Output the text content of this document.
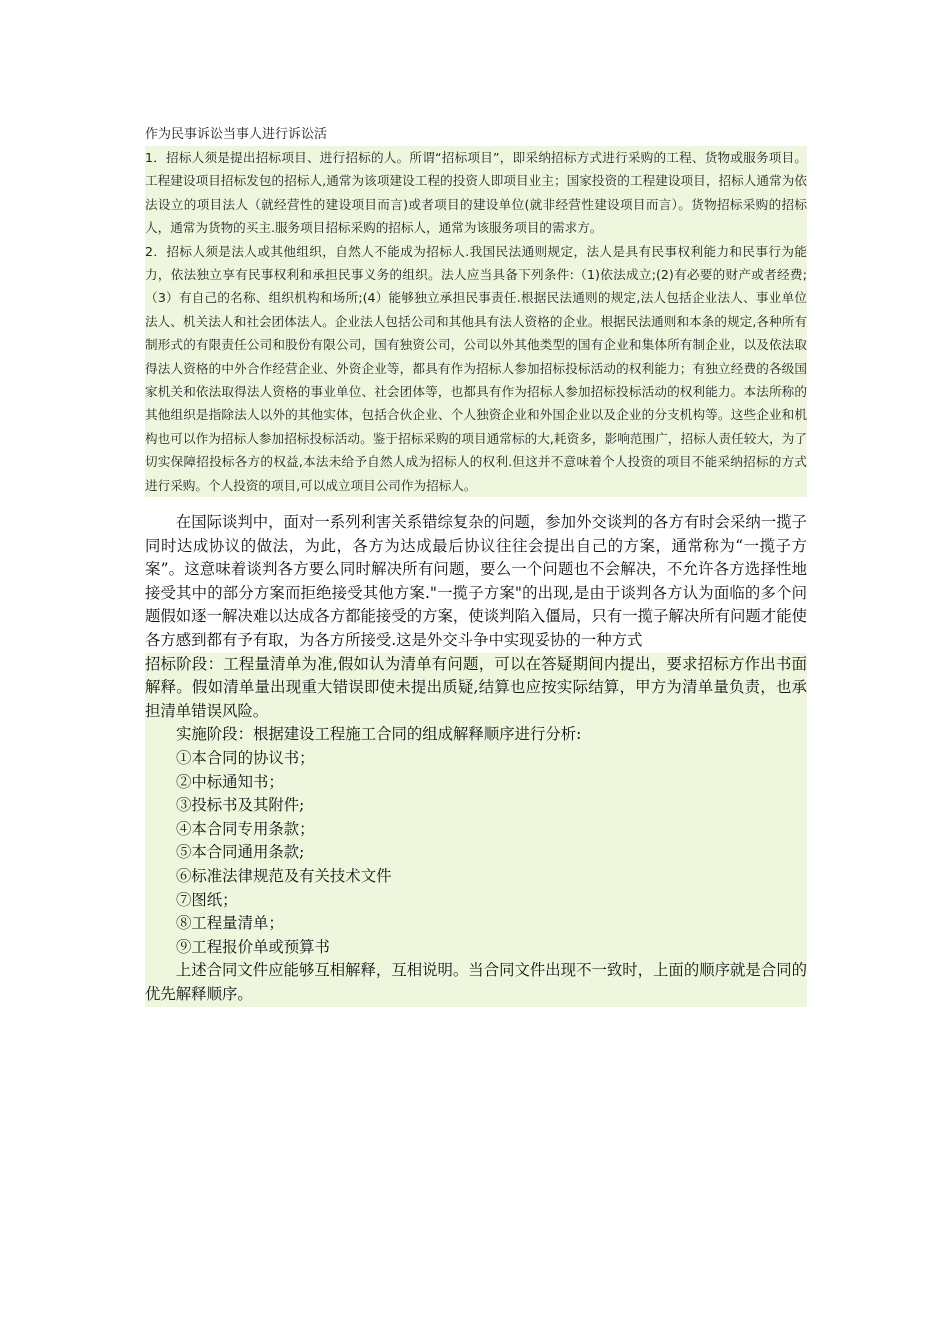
作为民事诉讼当事人进行诉讼活

1．招标人须是提出招标项目、进行招标的人。所谓“招标项目”，即采纳招标方式进行采购的工程、货物或服务项目。工程建设项目招标发包的招标人,通常为该项建设工程的投资人即项目业主；国家投资的工程建设项目，招标人通常为依法设立的项目法人（就经营性的建设项目而言)或者项目的建设单位(就非经营性建设项目而言）。货物招标采购的招标人，通常为货物的买主.服务项目招标采购的招标人，通常为该服务项目的需求方。

2．招标人须是法人或其他组织，自然人不能成为招标人.我国民法通则规定，法人是具有民事权利能力和民事行为能力，依法独立享有民事权利和承担民事义务的组织。法人应当具备下列条件:（1)依法成立;(2)有必要的财产或者经费;（3）有自己的名称、组织机构和场所;(4）能够独立承担民事责任.根据民法通则的规定,法人包括企业法人、事业单位法人、机关法人和社会团体法人。企业法人包括公司和其他具有法人资格的企业。根据民法通则和本条的规定,各种所有制形式的有限责任公司和股份有限公司，国有独资公司，公司以外其他类型的国有企业和集体所有制企业，以及依法取得法人资格的中外合作经营企业、外资企业等，都具有作为招标人参加招标投标活动的权利能力；有独立经费的各级国家机关和依法取得法人资格的事业单位、社会团体等，也都具有作为招标人参加招标投标活动的权利能力。本法所称的其他组织是指除法人以外的其他实体，包括合伙企业、个人独资企业和外国企业以及企业的分支机构等。这些企业和机构也可以作为招标人参加招标投标活动。鉴于招标采购的项目通常标的大,耗资多，影响范围广，招标人责任较大，为了切实保障招投标各方的权益,本法未给予自然人成为招标人的权利.但这并不意味着个人投资的项目不能采纳招标的方式进行采购。个人投资的项目,可以成立项目公司作为招标人。

在国际谈判中，面对一系列利害关系错综复杂的问题，参加外交谈判的各方有时会采纳一揽子同时达成协议的做法，为此，各方为达成最后协议往往会提出自己的方案，通常称为“一揽子方案”。这意味着谈判各方要么同时解决所有问题，要么一个问题也不会解决，不允许各方选择性地接受其中的部分方案而拒绝接受其他方案."一揽子方案"的出现,是由于谈判各方认为面临的多个问题假如逐一解决难以达成各方都能接受的方案，使谈判陷入僵局，只有一揽子解决所有问题才能使各方感到都有予有取，为各方所接受.这是外交斗争中实现妥协的一种方式

招标阶段：工程量清单为准,假如认为清单有问题，可以在答疑期间内提出，要求招标方作出书面解释。假如清单量出现重大错误即使未提出质疑,结算也应按实际结算，甲方为清单量负责，也承担清单错误风险。

实施阶段：根据建设工程施工合同的组成解释顺序进行分析:

①本合同的协议书；

②中标通知书；

③投标书及其附件;

④本合同专用条款；

⑤本合同通用条款;

⑥标准法律规范及有关技术文件

⑦图纸；

⑧工程量清单；

⑨工程报价单或预算书

上述合同文件应能够互相解释，互相说明。当合同文件出现不一致时，上面的顺序就是合同的优先解释顺序。
